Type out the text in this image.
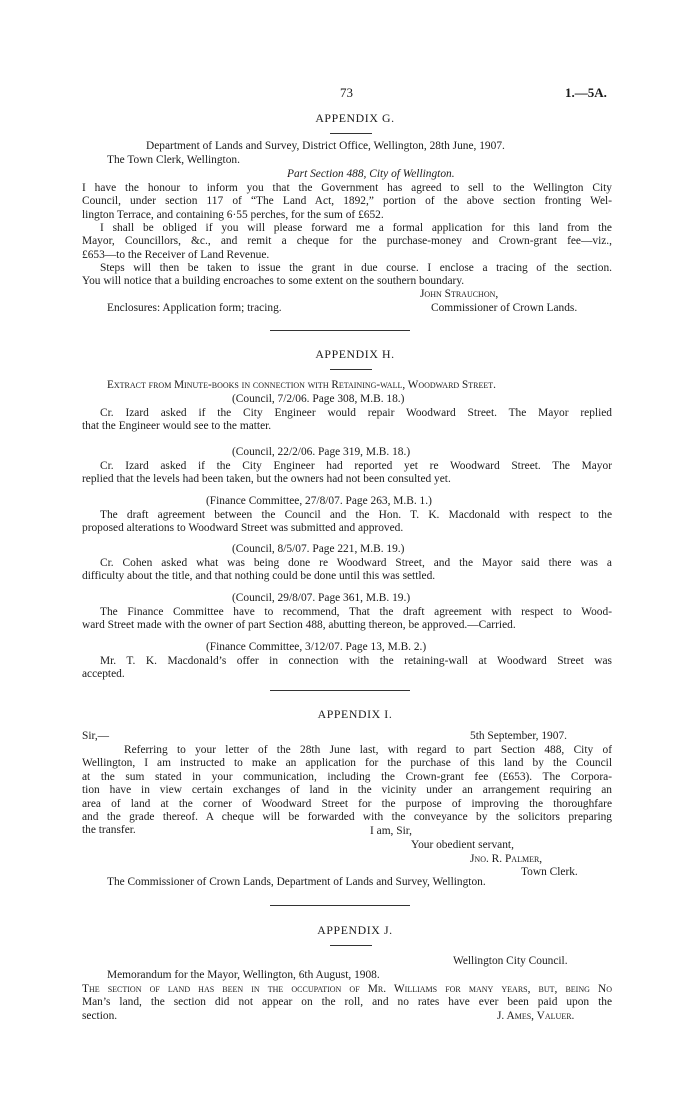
73	1.—5A.
APPENDIX G.
Department of Lands and Survey, District Office, Wellington, 28th June, 1907.
The Town Clerk, Wellington.
Part Section 488, City of Wellington.
I have the honour to inform you that the Government has agreed to sell to the Wellington City
Council, under section 117 of “The Land Act, 1892,” portion of the above section fronting Wel-
lington Terrace, and containing 6·55 perches, for the sum of £652.
I shall be obliged if you will please forward me a formal application for this land from the
Mayor, Councillors, &c., and remit a cheque for the purchase-money and Crown-grant fee—viz.,
£653—to the Receiver of Land Revenue.
Steps will then be taken to issue the grant in due course. I enclose a tracing of the section.
You will notice that a building encroaches to some extent on the southern boundary.
John Strauchon,
Enclosures: Application form; tracing.	Commissioner of Crown Lands.
APPENDIX H.
Extract from Minute-books in connection with Retaining-wall, Woodward Street.
(Council, 7/2/06. Page 308, M.B. 18.)
Cr. Izard asked if the City Engineer would repair Woodward Street. The Mayor replied
that the Engineer would see to the matter.
(Council, 22/2/06. Page 319, M.B. 18.)
Cr. Izard asked if the City Engineer had reported yet re Woodward Street. The Mayor
replied that the levels had been taken, but the owners had not been consulted yet.
(Finance Committee, 27/8/07. Page 263, M.B. 1.)
The draft agreement between the Council and the Hon. T. K. Macdonald with respect to the
proposed alterations to Woodward Street was submitted and approved.
(Council, 8/5/07. Page 221, M.B. 19.)
Cr. Cohen asked what was being done re Woodward Street, and the Mayor said there was a
difficulty about the title, and that nothing could be done until this was settled.
(Council, 29/8/07. Page 361, M.B. 19.)
The Finance Committee have to recommend, That the draft agreement with respect to Wood-
ward Street made with the owner of part Section 488, abutting thereon, be approved.—Carried.
(Finance Committee, 3/12/07. Page 13, M.B. 2.)
Mr. T. K. Macdonald’s offer in connection with the retaining-wall at Woodward Street was
accepted.
APPENDIX I.
Sir,—	5th September, 1907.
Referring to your letter of the 28th June last, with regard to part Section 488, City of
Wellington, I am instructed to make an application for the purchase of this land by the Council
at the sum stated in your communication, including the Crown-grant fee (£653). The Corpora-
tion have in view certain exchanges of land in the vicinity under an arrangement requiring an
area of land at the corner of Woodward Street for the purpose of improving the thoroughfare
and the grade thereof. A cheque will be forwarded with the conveyance by the solicitors preparing
the transfer.	I am, Sir,
Your obedient servant,
Jno. R. Palmer,
Town Clerk.
The Commissioner of Crown Lands, Department of Lands and Survey, Wellington.
APPENDIX J.
Wellington City Council.
Memorandum for the Mayor, Wellington, 6th August, 1908.
The section of land has been in the occupation of Mr. Williams for many years, but, being No
Man’s land, the section did not appear on the roll, and no rates have ever been paid upon the
section.	J. Ames, Valuer.
